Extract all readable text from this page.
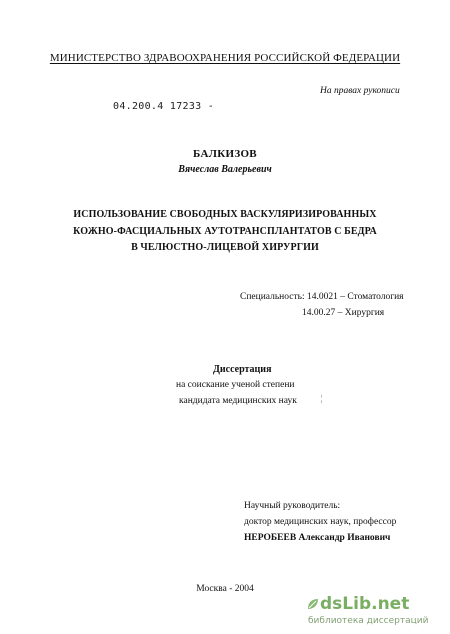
МИНИСТЕРСТВО ЗДРАВООХРАНЕНИЯ РОССИЙСКОЙ ФЕДЕРАЦИИ
На правах рукописи
04.200.4 17233 -
БАЛКИЗОВ
Вячеслав Валерьевич
ИСПОЛЬЗОВАНИЕ СВОБОДНЫХ ВАСКУЛЯРИЗИРОВАННЫХ
КОЖНО-ФАСЦИАЛЬНЫХ АУТОТРАНСПЛАНТАТОВ С БЕДРА
В ЧЕЛЮСТНО-ЛИЦЕВОЙ ХИРУРГИИ
Специальность: 14.0021 – Стоматология
14.00.27 – Хирургия
Диссертация
на соискание ученой степени
кандидата медицинских наук	¦
Научный руководитель:
доктор медицинских наук, профессор
НЕРОБЕЕВ Александр Иванович
Москва - 2004
dsLib.net
библиотека диссертаций
